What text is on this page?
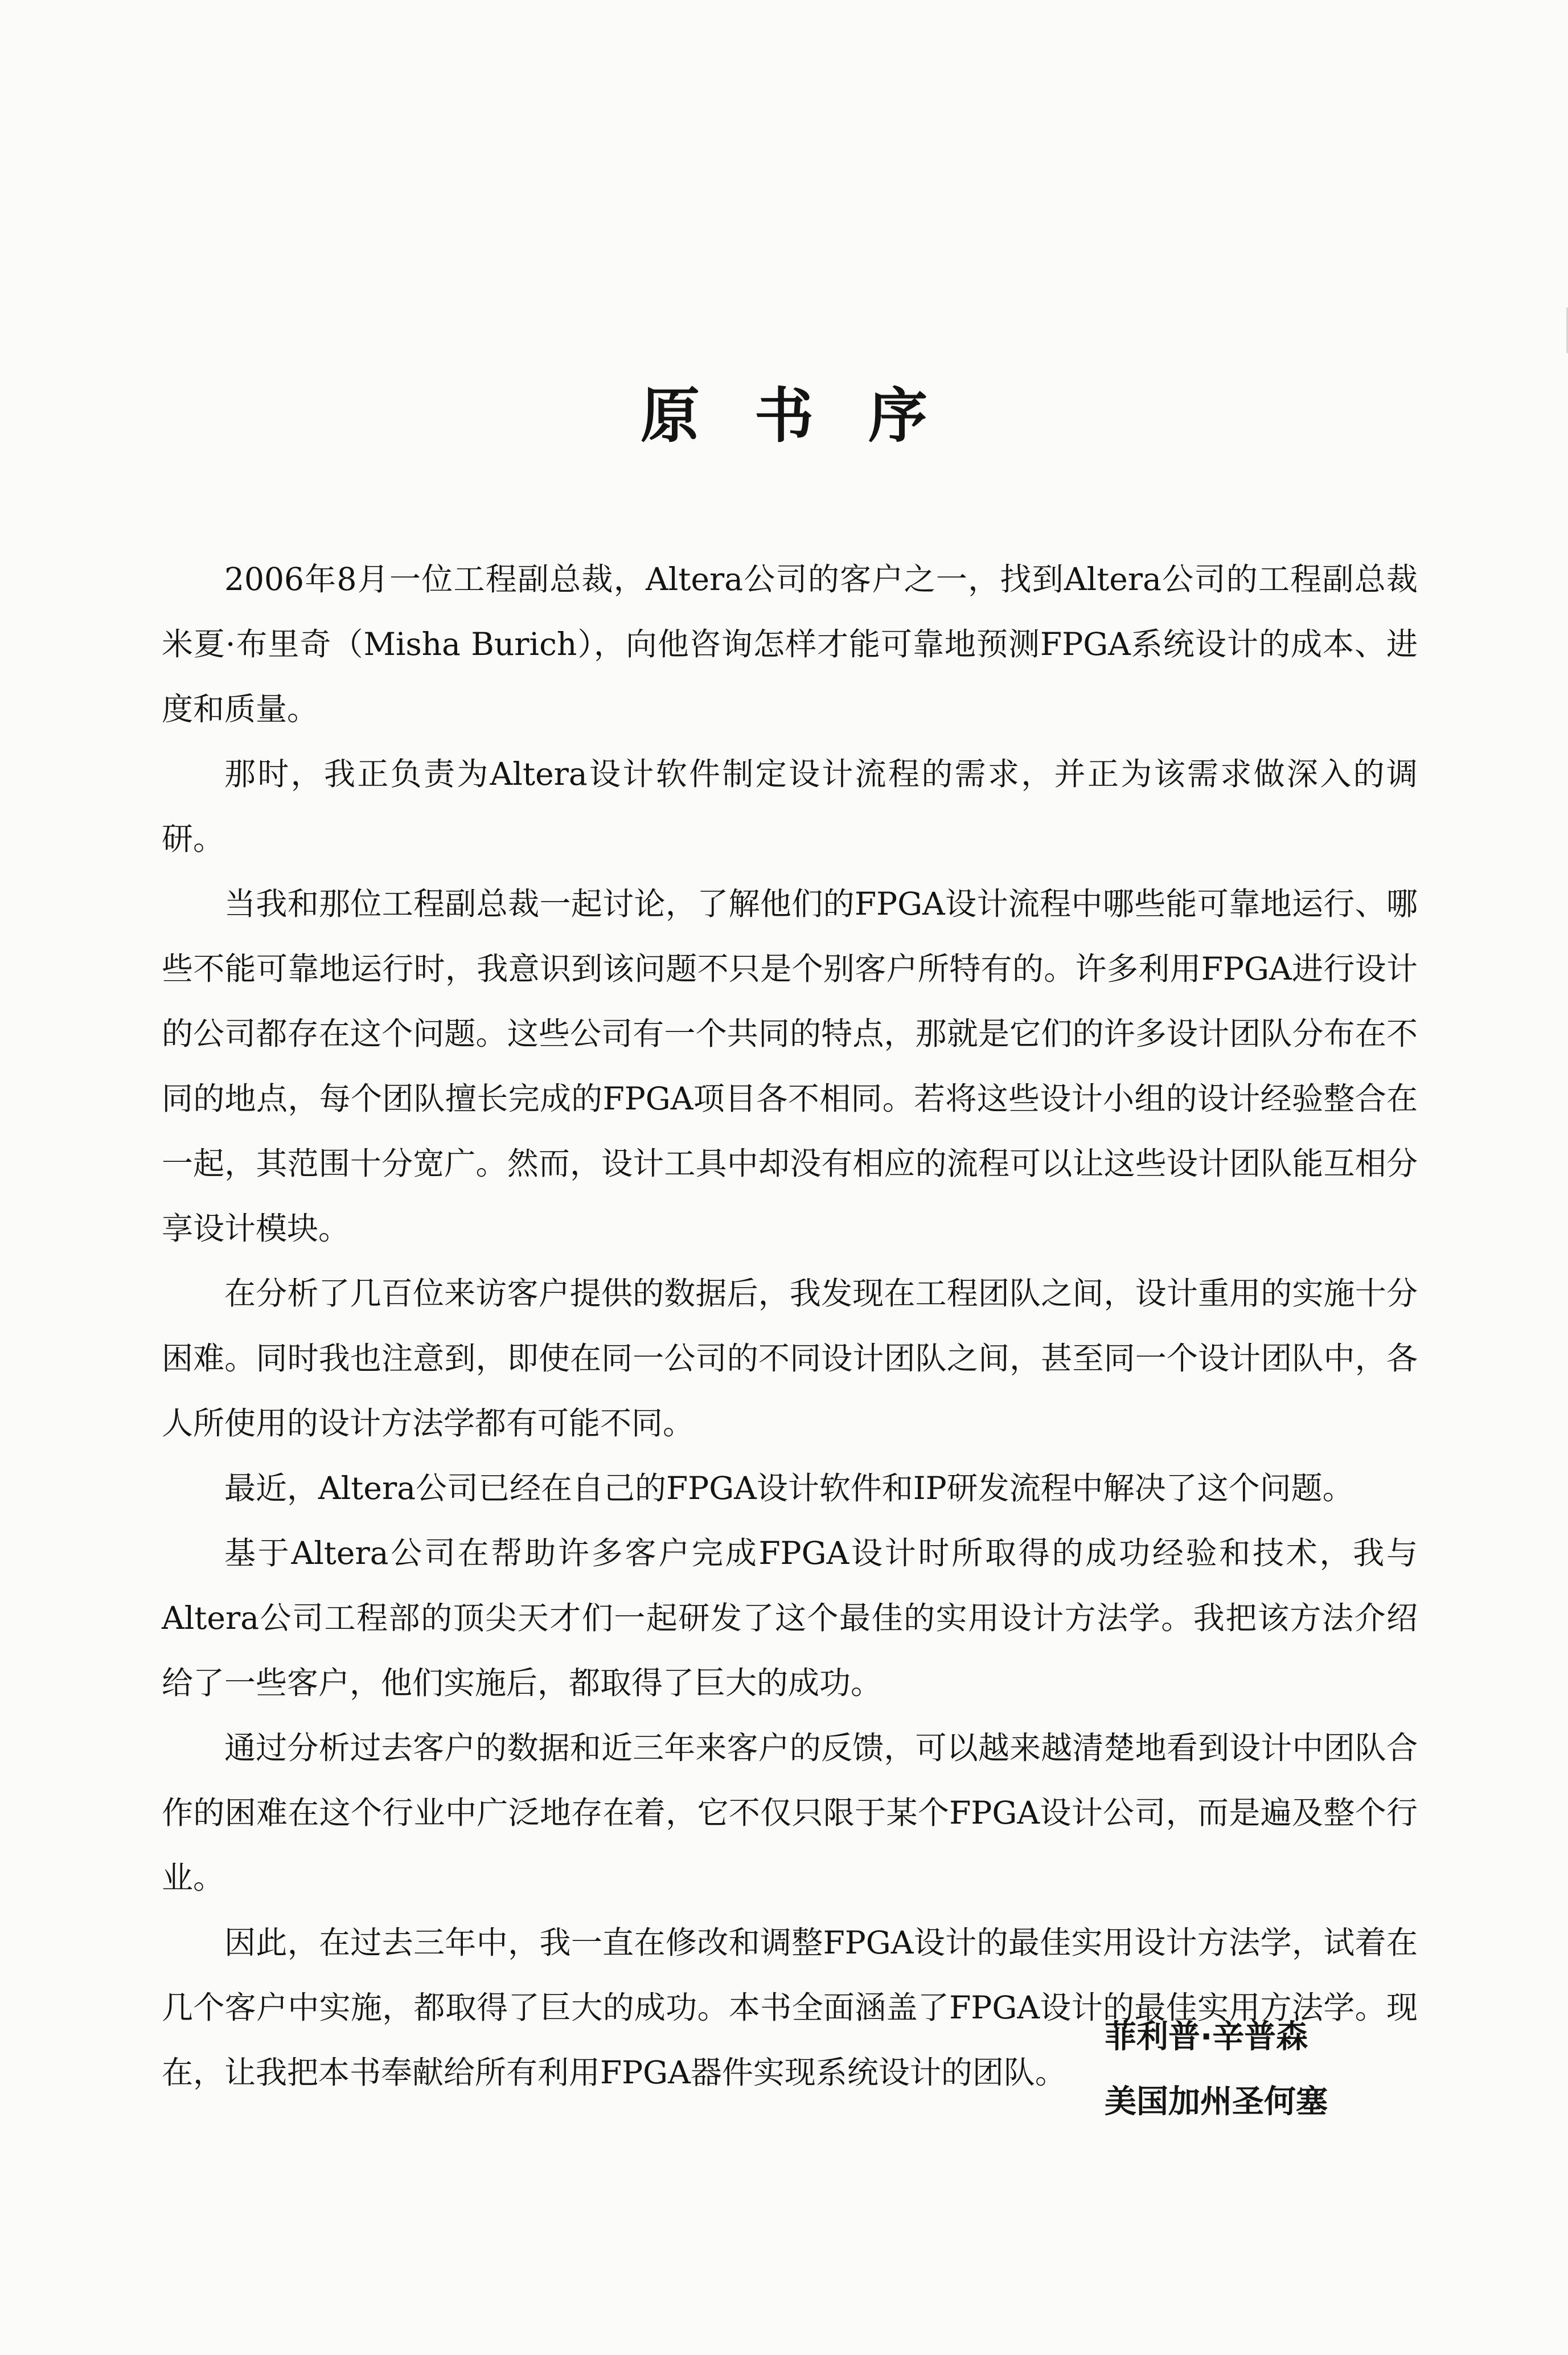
原书序

2006年8月一位工程副总裁，Altera公司的客户之一，找到Altera公司的工程副总裁米夏·布里奇（Misha Burich），向他咨询怎样才能可靠地预测FPGA系统设计的成本、进度和质量。

那时，我正负责为Altera设计软件制定设计流程的需求，并正为该需求做深入的调研。

当我和那位工程副总裁一起讨论，了解他们的FPGA设计流程中哪些能可靠地运行、哪些不能可靠地运行时，我意识到该问题不只是个别客户所特有的。许多利用FPGA进行设计的公司都存在这个问题。这些公司有一个共同的特点，那就是它们的许多设计团队分布在不同的地点，每个团队擅长完成的FPGA项目各不相同。若将这些设计小组的设计经验整合在一起，其范围十分宽广。然而，设计工具中却没有相应的流程可以让这些设计团队能互相分享设计模块。

在分析了几百位来访客户提供的数据后，我发现在工程团队之间，设计重用的实施十分困难。同时我也注意到，即使在同一公司的不同设计团队之间，甚至同一个设计团队中，各人所使用的设计方法学都有可能不同。

最近，Altera公司已经在自己的FPGA设计软件和IP研发流程中解决了这个问题。

基于Altera公司在帮助许多客户完成FPGA设计时所取得的成功经验和技术，我与Altera公司工程部的顶尖天才们一起研发了这个最佳的实用设计方法学。我把该方法介绍给了一些客户，他们实施后，都取得了巨大的成功。

通过分析过去客户的数据和近三年来客户的反馈，可以越来越清楚地看到设计中团队合作的困难在这个行业中广泛地存在着，它不仅只限于某个FPGA设计公司，而是遍及整个行业。

因此，在过去三年中，我一直在修改和调整FPGA设计的最佳实用设计方法学，试着在几个客户中实施，都取得了巨大的成功。本书全面涵盖了FPGA设计的最佳实用方法学。现在，让我把本书奉献给所有利用FPGA器件实现系统设计的团队。

菲利普·辛普森
美国加州圣何塞
